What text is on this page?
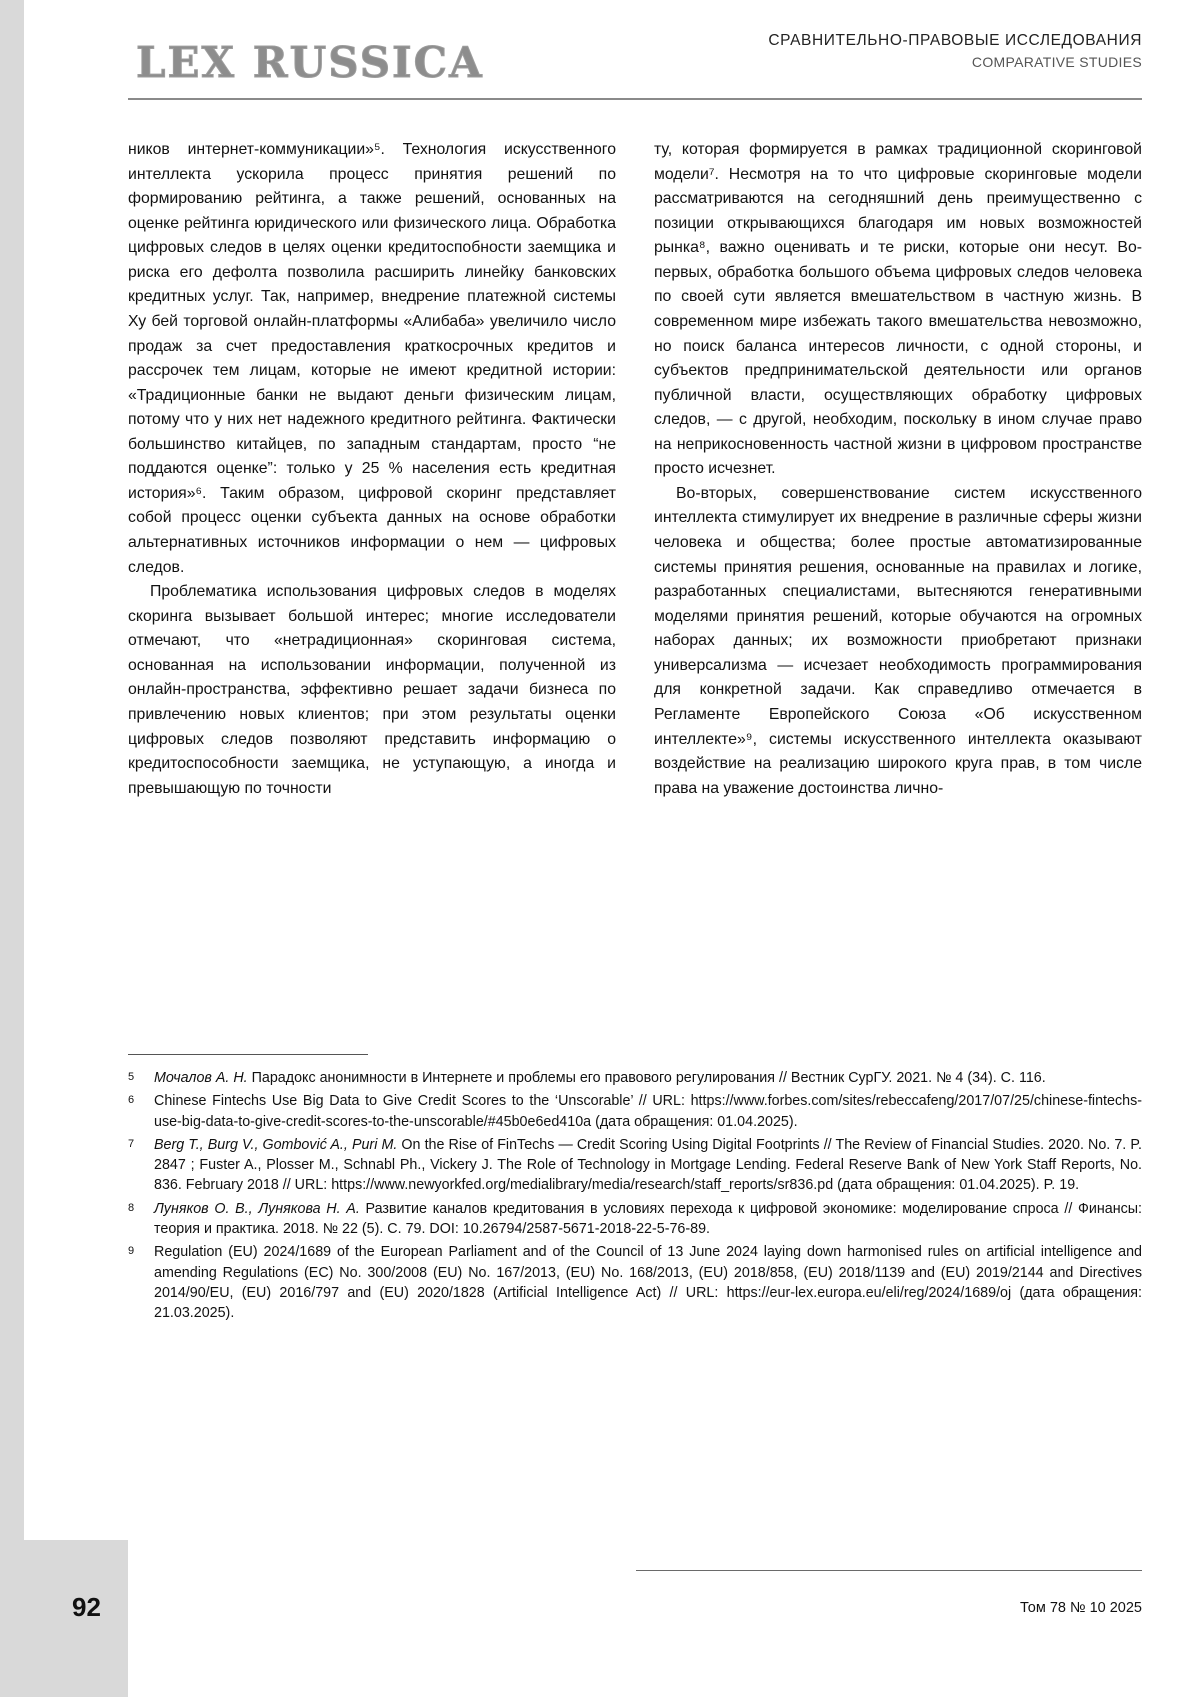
LEX RUSSICA	СРАВНИТЕЛЬНО-ПРАВОВЫЕ ИССЛЕДОВАНИЯ
COMPARATIVE STUDIES

ников интернет-коммуникации»⁵. Технология искусственного интеллекта ускорила процесс принятия решений по формированию рейтинга, а также решений, основанных на оценке рейтинга юридического или физического лица. Обработка цифровых следов в целях оценки кредитоспобности заемщика и риска его дефолта позволила расширить линейку банковских кредитных услуг. Так, например, внедрение платежной системы Ху бей торговой онлайн-платформы «Алибаба» увеличило число продаж за счет предоставления краткосрочных кредитов и рассрочек тем лицам, которые не имеют кредитной истории: «Традиционные банки не выдают деньги физическим лицам, потому что у них нет надежного кредитного рейтинга. Фактически большинство китайцев, по западным стандартам, просто “не поддаются оценке”: только у 25 % населения есть кредитная история»⁶. Таким образом, цифровой скоринг представляет собой процесс оценки субъекта данных на основе обработки альтернативных источников информации о нем — цифровых следов.

Проблематика использования цифровых следов в моделях скоринга вызывает большой интерес; многие исследователи отмечают, что «нетрадиционная» скоринговая система, основанная на использовании информации, полученной из онлайн-пространства, эффективно решает задачи бизнеса по привлечению новых клиентов; при этом результаты оценки цифровых следов позволяют представить информацию о кредитоспособности заемщика, не уступающую, а иногда и превышающую по точности

ту, которая формируется в рамках традиционной скоринговой модели⁷. Несмотря на то что цифровые скоринговые модели рассматриваются на сегодняшний день преимущественно с позиции открывающихся благодаря им новых возможностей рынка⁸, важно оценивать и те риски, которые они несут. Во-первых, обработка большого объема цифровых следов человека по своей сути является вмешательством в частную жизнь. В современном мире избежать такого вмешательства невозможно, но поиск баланса интересов личности, с одной стороны, и субъектов предпринимательской деятельности или органов публичной власти, осуществляющих обработку цифровых следов, — с другой, необходим, поскольку в ином случае право на неприкосновенность частной жизни в цифровом пространстве просто исчезнет.

Во-вторых, совершенствование систем искусственного интеллекта стимулирует их внедрение в различные сферы жизни человека и общества; более простые автоматизированные системы принятия решения, основанные на правилах и логике, разработанных специалистами, вытесняются генеративными моделями принятия решений, которые обучаются на огромных наборах данных; их возможности приобретают признаки универсализма — исчезает необходимость программирования для конкретной задачи. Как справедливо отмечается в Регламенте Европейского Союза «Об искусственном интеллекте»⁹, системы искусственного интеллекта оказывают воздействие на реализацию широкого круга прав, в том числе права на уважение достоинства лично-

5	Мочалов А. Н. Парадокс анонимности в Интернете и проблемы его правового регулирования // Вестник СурГУ. 2021. № 4 (34). С. 116.
6	Chinese Fintechs Use Big Data to Give Credit Scores to the ‘Unscorable’ // URL: https://www.forbes.com/sites/rebeccafeng/2017/07/25/chinese-fintechs-use-big-data-to-give-credit-scores-to-the-unscorable/#45b0e6ed410a (дата обращения: 01.04.2025).
7	Berg T., Burg V., Gombović A., Puri M. On the Rise of FinTechs — Credit Scoring Using Digital Footprints // The Review of Financial Studies. 2020. No. 7. P. 2847 ; Fuster A., Plosser M., Schnabl Ph., Vickery J. The Role of Technology in Mortgage Lending. Federal Reserve Bank of New York Staff Reports, No. 836. February 2018 // URL: https://www.newyorkfed.org/medialibrary/media/research/staff_reports/sr836.pd (дата обращения: 01.04.2025). P. 19.
8	Луняков О. В., Лунякова Н. А. Развитие каналов кредитования в условиях перехода к цифровой экономике: моделирование спроса // Финансы: теория и практика. 2018. № 22 (5). С. 79. DOI: 10.26794/2587-5671-2018-22-5-76-89.
9	Regulation (EU) 2024/1689 of the European Parliament and of the Council of 13 June 2024 laying down harmonised rules on artificial intelligence and amending Regulations (EC) No. 300/2008 (EU) No. 167/2013, (EU) No. 168/2013, (EU) 2018/858, (EU) 2018/1139 and (EU) 2019/2144 and Directives 2014/90/EU, (EU) 2016/797 and (EU) 2020/1828 (Artificial Intelligence Act) // URL: https://eur-lex.europa.eu/eli/reg/2024/1689/oj (дата обращения: 21.03.2025).
92	Том 78 № 10 2025
